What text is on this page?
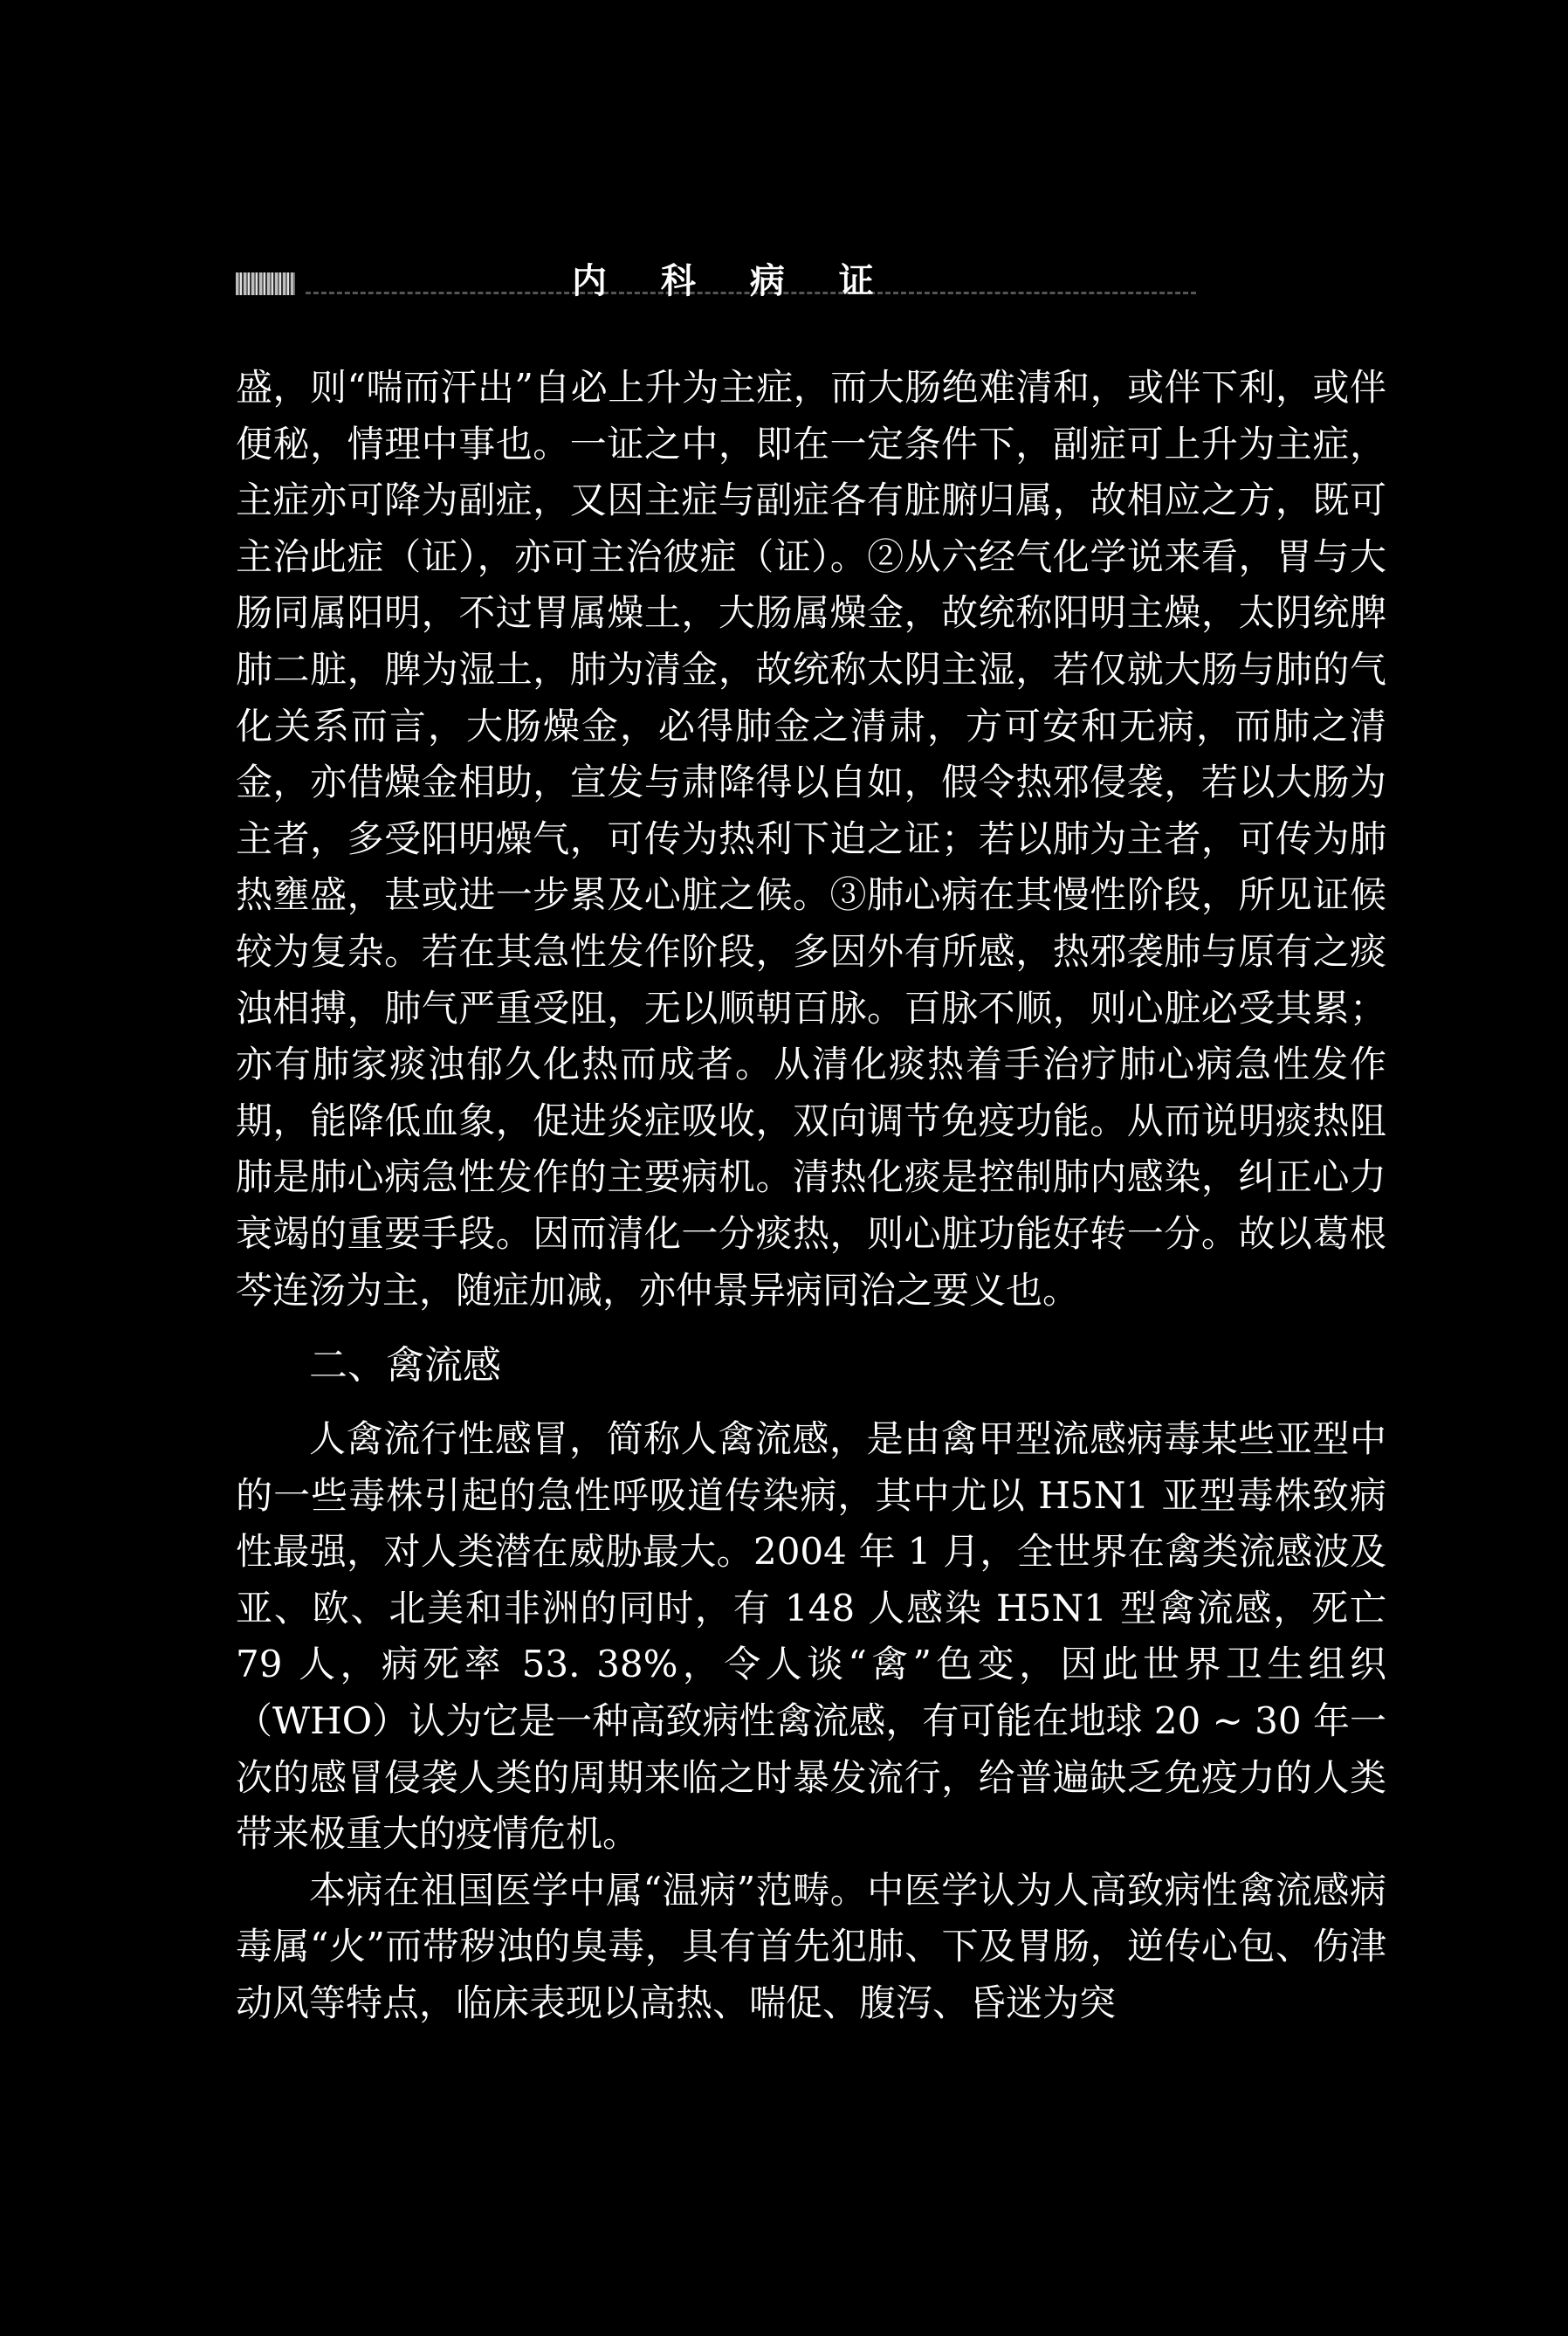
内 科 病 证

盛，则“喘而汗出”自必上升为主症，而大肠绝难清和，或伴下利，或伴便秘，情理中事也。一证之中，即在一定条件下，副症可上升为主症，主症亦可降为副症，又因主症与副症各有脏腑归属，故相应之方，既可主治此症（证），亦可主治彼症（证）。②从六经气化学说来看，胃与大肠同属阳明，不过胃属燥土，大肠属燥金，故统称阳明主燥，太阴统脾肺二脏，脾为湿土，肺为清金，故统称太阴主湿，若仅就大肠与肺的气化关系而言，大肠燥金，必得肺金之清肃，方可安和无病，而肺之清金，亦借燥金相助，宣发与肃降得以自如，假令热邪侵袭，若以大肠为主者，多受阳明燥气，可传为热利下迫之证；若以肺为主者，可传为肺热壅盛，甚或进一步累及心脏之候。③肺心病在其慢性阶段，所见证候较为复杂。若在其急性发作阶段，多因外有所感，热邪袭肺与原有之痰浊相搏，肺气严重受阻，无以顺朝百脉。百脉不顺，则心脏必受其累；亦有肺家痰浊郁久化热而成者。从清化痰热着手治疗肺心病急性发作期，能降低血象，促进炎症吸收，双向调节免疫功能。从而说明痰热阻肺是肺心病急性发作的主要病机。清热化痰是控制肺内感染，纠正心力衰竭的重要手段。因而清化一分痰热，则心脏功能好转一分。故以葛根芩连汤为主，随症加减，亦仲景异病同治之要义也。

二、禽流感

人禽流行性感冒，简称人禽流感，是由禽甲型流感病毒某些亚型中的一些毒株引起的急性呼吸道传染病，其中尤以 H5N1 亚型毒株致病性最强，对人类潜在威胁最大。2004 年 1 月，全世界在禽类流感波及亚、欧、北美和非洲的同时，有 148 人感染 H5N1 型禽流感，死亡 79 人，病死率 53. 38%，令人谈“禽”色变，因此世界卫生组织（WHO）认为它是一种高致病性禽流感，有可能在地球 20 ~ 30 年一次的感冒侵袭人类的周期来临之时暴发流行，给普遍缺乏免疫力的人类带来极重大的疫情危机。

本病在祖国医学中属“温病”范畴。中医学认为人高致病性禽流感病毒属“火”而带秽浊的臭毒，具有首先犯肺、下及胃肠，逆传心包、伤津动风等特点，临床表现以高热、喘促、腹泻、昏迷为突
